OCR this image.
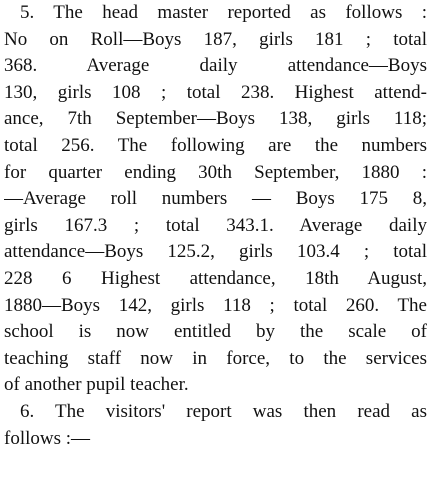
5. The head master reported as follows :
No on Roll—Boys 187, girls 181 ; total
368. Average daily attendance—Boys
130, girls 108 ; total 238. Highest attend-
ance, 7th September—Boys 138, girls 118;
total 256. The following are the numbers
for quarter ending 30th September, 1880 :
—Average roll numbers — Boys 175 8,
girls 167.3 ; total 343.1. Average daily
attendance—Boys 125.2, girls 103.4 ; total
228 6 Highest attendance, 18th August,
1880—Boys 142, girls 118 ; total 260. The
school is now entitled by the scale of
teaching staff now in force, to the services
of another pupil teacher.
6. The visitors' report was then read as
follows :—
